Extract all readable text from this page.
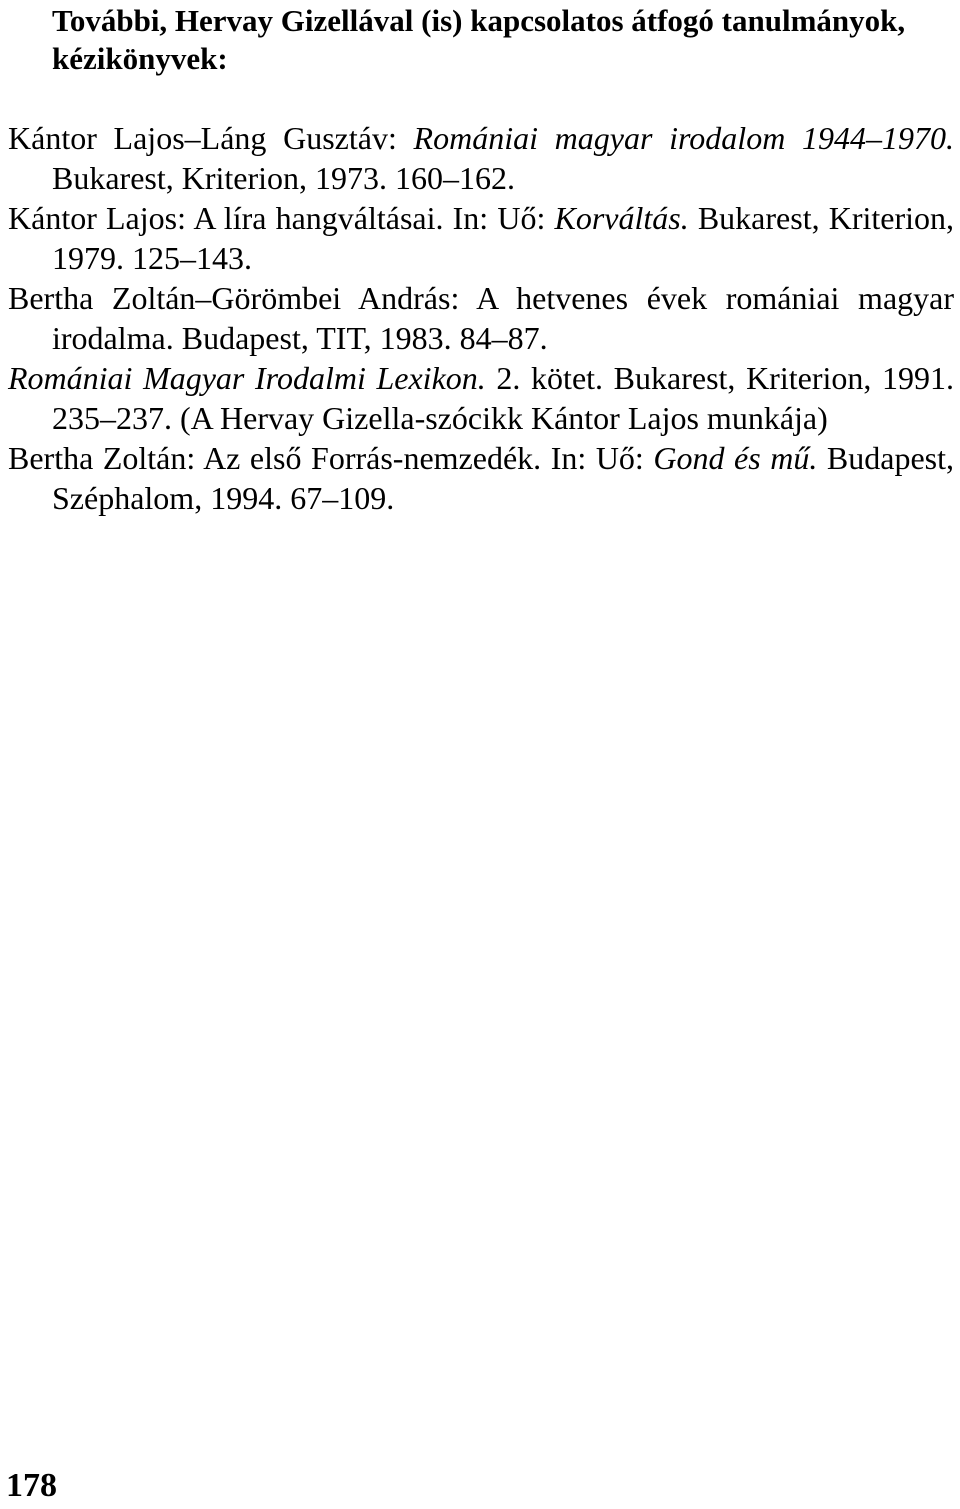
További, Hervay Gizellával (is) kapcsolatos átfogó tanulmányok, kézikönyvek:

Kántor Lajos–Láng Gusztáv: Romániai magyar irodalom 1944–1970. Bukarest, Kriterion, 1973. 160–162.

Kántor Lajos: A líra hangváltásai. In: Uő: Korváltás. Bukarest, Kriterion, 1979. 125–143.

Bertha Zoltán–Görömbei András: A hetvenes évek romániai magyar irodalma. Budapest, TIT, 1983. 84–87.

Romániai Magyar Irodalmi Lexikon. 2. kötet. Bukarest, Kriterion, 1991. 235–237. (A Hervay Gizella-szócikk Kántor Lajos munkája)

Bertha Zoltán: Az első Forrás-nemzedék. In: Uő: Gond és mű. Budapest, Széphalom, 1994. 67–109.

178
